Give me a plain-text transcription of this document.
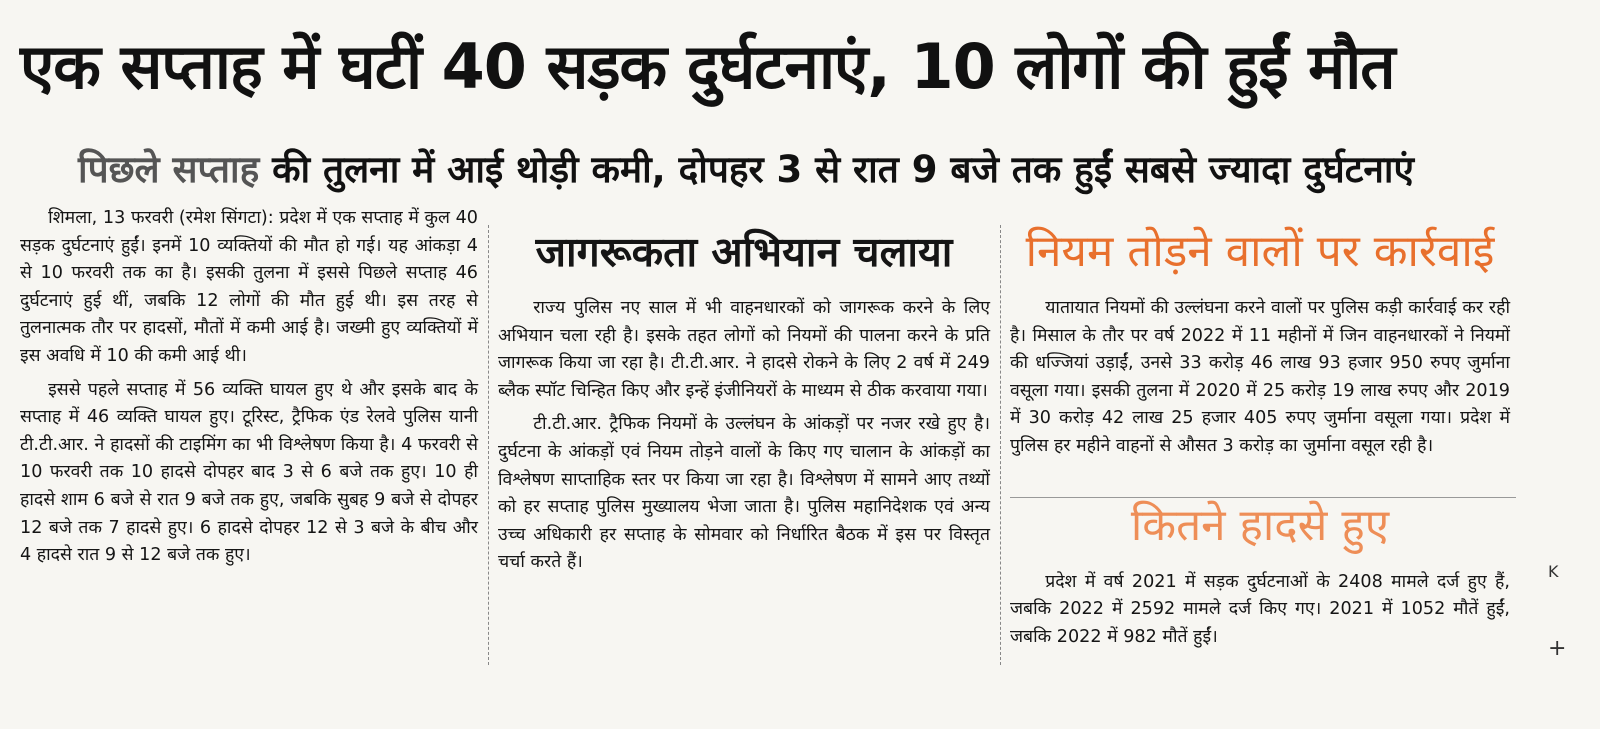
एक सप्ताह में घटीं 40 सड़क दुर्घटनाएं, 10 लोगों की हुईं मौत
पिछले सप्ताह की तुलना में आई थोड़ी कमी, दोपहर 3 से रात 9 बजे तक हुईं सबसे ज्यादा दुर्घटनाएं

शिमला, 13 फरवरी (रमेश सिंगटा): प्रदेश में एक सप्ताह में कुल 40 सड़क दुर्घटनाएं हुईं। इनमें 10 व्यक्तियों की मौत हो गई। यह आंकड़ा 4 से 10 फरवरी तक का है। इसकी तुलना में इससे पिछले सप्ताह 46 दुर्घटनाएं हुई थीं, जबकि 12 लोगों की मौत हुई थी। इस तरह से तुलनात्मक तौर पर हादसों, मौतों में कमी आई है। जख्मी हुए व्यक्तियों में इस अवधि में 10 की कमी आई थी।

इससे पहले सप्ताह में 56 व्यक्ति घायल हुए थे और इसके बाद के सप्ताह में 46 व्यक्ति घायल हुए। टूरिस्ट, ट्रैफिक एंड रेलवे पुलिस यानी टी.टी.आर. ने हादसों की टाइमिंग का भी विश्लेषण किया है। 4 फरवरी से 10 फरवरी तक 10 हादसे दोपहर बाद 3 से 6 बजे तक हुए। 10 ही हादसे शाम 6 बजे से रात 9 बजे तक हुए, जबकि सुबह 9 बजे से दोपहर 12 बजे तक 7 हादसे हुए। 6 हादसे दोपहर 12 से 3 बजे के बीच और 4 हादसे रात 9 से 12 बजे तक हुए।

जागरूकता अभियान चलाया

राज्य पुलिस नए साल में भी वाहनधारकों को जागरूक करने के लिए अभियान चला रही है। इसके तहत लोगों को नियमों की पालना करने के प्रति जागरूक किया जा रहा है। टी.टी.आर. ने हादसे रोकने के लिए 2 वर्ष में 249 ब्लैक स्पॉट चिन्हित किए और इन्हें इंजीनियरों के माध्यम से ठीक करवाया गया।

टी.टी.आर. ट्रैफिक नियमों के उल्लंघन के आंकड़ों पर नजर रखे हुए है। दुर्घटना के आंकड़ों एवं नियम तोड़ने वालों के किए गए चालान के आंकड़ों का विश्लेषण साप्ताहिक स्तर पर किया जा रहा है। विश्लेषण में सामने आए तथ्यों को हर सप्ताह पुलिस मुख्यालय भेजा जाता है। पुलिस महानिदेशक एवं अन्य उच्च अधिकारी हर सप्ताह के सोमवार को निर्धारित बैठक में इस पर विस्तृत चर्चा करते हैं।

नियम तोड़ने वालों पर कार्रवाई

यातायात नियमों की उल्लंघना करने वालों पर पुलिस कड़ी कार्रवाई कर रही है। मिसाल के तौर पर वर्ष 2022 में 11 महीनों में जिन वाहनधारकों ने नियमों की धज्जियां उड़ाईं, उनसे 33 करोड़ 46 लाख 93 हजार 950 रुपए जुर्माना वसूला गया। इसकी तुलना में 2020 में 25 करोड़ 19 लाख रुपए और 2019 में 30 करोड़ 42 लाख 25 हजार 405 रुपए जुर्माना वसूला गया। प्रदेश में पुलिस हर महीने वाहनों से औसत 3 करोड़ का जुर्माना वसूल रही है।

कितने हादसे हुए

प्रदेश में वर्ष 2021 में सड़क दुर्घटनाओं के 2408 मामले दर्ज हुए हैं, जबकि 2022 में 2592 मामले दर्ज किए गए। 2021 में 1052 मौतें हुईं, जबकि 2022 में 982 मौतें हुईं।

K
+
